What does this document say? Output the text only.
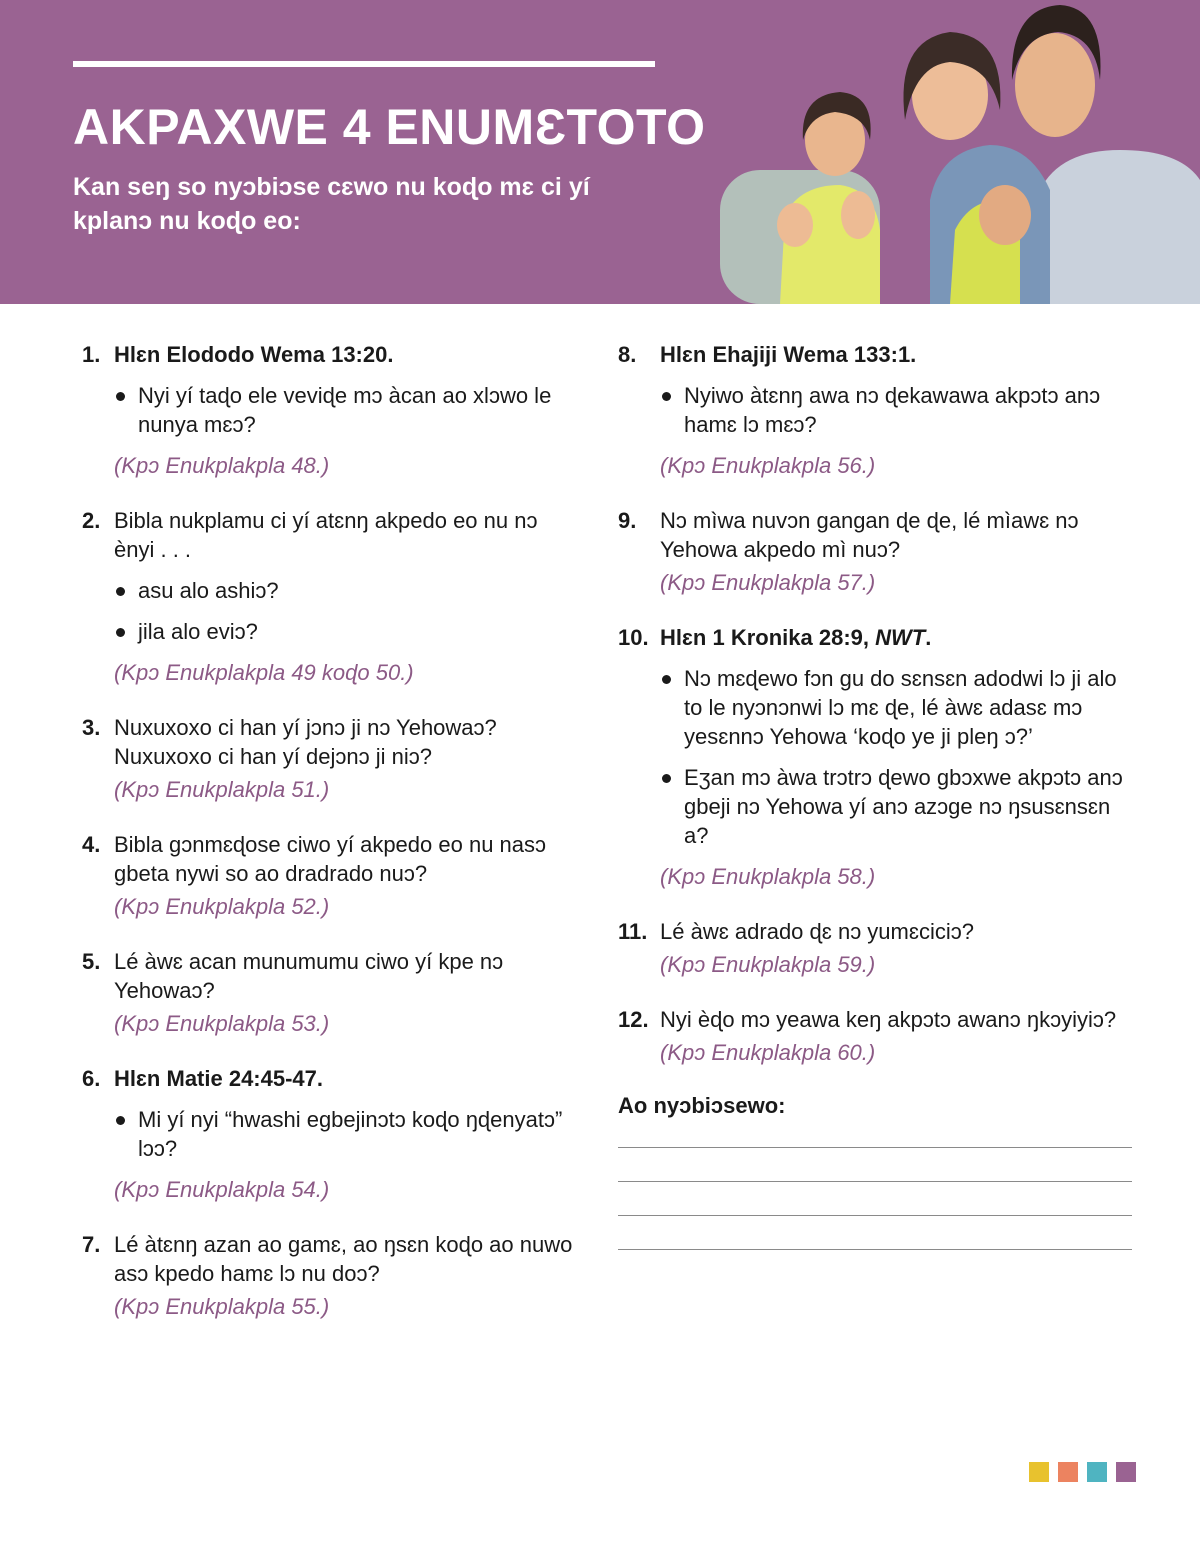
AKPAXWE 4 ENUMƐTOTO
Kan seŋ so nyɔbiɔse cɛwo nu koɖo mɛ ci yí kplanɔ nu koɖo eo:
1. Hlɛn Elododo Wema 13:20.
Nyi yí taɖo ele veviɖe mɔ àcan ao xlɔwo le nunya mɛɔ?
(Kpɔ Enukplakpla 48.)
2. Bibla nukplamu ci yí atɛnŋ akpedo eo nu nɔ ènyi . . .
asu alo ashiɔ?
jila alo eviɔ?
(Kpɔ Enukplakpla 49 koɖo 50.)
3. Nuxuxoxo ci han yí jɔnɔ ji nɔ Yehowaɔ? Nuxuxoxo ci han yí dejɔnɔ ji niɔ?
(Kpɔ Enukplakpla 51.)
4. Bibla gɔnmɛɖose ciwo yí akpedo eo nu nasɔ gbeta nywi so ao dradrado nuɔ?
(Kpɔ Enukplakpla 52.)
5. Lé àwɛ acan munumumu ciwo yí kpe nɔ Yehowaɔ?
(Kpɔ Enukplakpla 53.)
6. Hlɛn Matie 24:45-47.
Mi yí nyi “hwashi egbejinɔtɔ koɖo ŋɖenyatɔ” lɔɔ?
(Kpɔ Enukplakpla 54.)
7. Lé àtɛnŋ azan ao gamɛ, ao ŋsɛn koɖo ao nuwo asɔ kpedo hamɛ lɔ nu doɔ?
(Kpɔ Enukplakpla 55.)
8. Hlɛn Ehajiji Wema 133:1.
Nyiwo àtɛnŋ awa nɔ ɖekawawa akpɔtɔ anɔ hamɛ lɔ mɛɔ?
(Kpɔ Enukplakpla 56.)
9. Nɔ mìwa nuvɔn gangan ɖe ɖe, lé mìawɛ nɔ Yehowa akpedo mì nuɔ?
(Kpɔ Enukplakpla 57.)
10. Hlɛn 1 Kronika 28:9, NWT.
Nɔ mɛɖewo fɔn gu do sɛnsɛn adodwi lɔ ji alo to le nyɔnɔnwi lɔ mɛ ɖe, lé àwɛ adasɛ mɔ yesɛnnɔ Yehowa ‘koɖo ye ji pleŋ ɔ?’
Eʒan mɔ àwa trɔtrɔ ɖewo gbɔxwe akpɔtɔ anɔ gbeji nɔ Yehowa yí anɔ azɔge nɔ ŋsusɛnsɛn a?
(Kpɔ Enukplakpla 58.)
11. Lé àwɛ adrado ɖɛ nɔ yumɛciciɔ?
(Kpɔ Enukplakpla 59.)
12. Nyi èɖo mɔ yeawa keŋ akpɔtɔ awanɔ ŋkɔyiyiɔ?
(Kpɔ Enukplakpla 60.)
Ao nyɔbiɔsewo:
